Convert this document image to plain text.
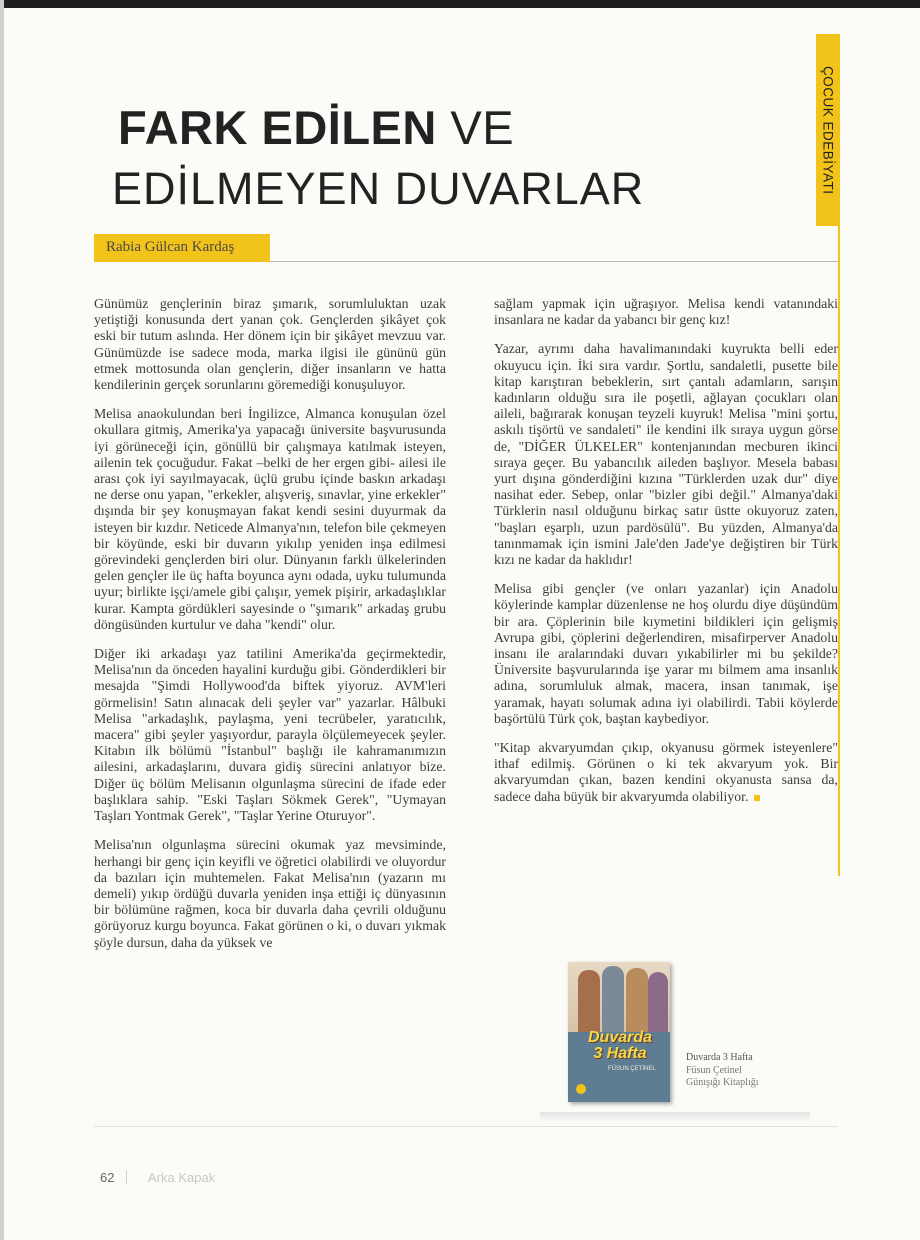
ÇOCUK EDEBİYATI
FARK EDİLEN VE
EDİLMEYEN DUVARLAR
Rabia Gülcan Kardaş

Günümüz gençlerinin biraz şımarık, sorumluluktan uzak yetiştiği konusunda dert yanan çok. Gençlerden şikâyet çok eski bir tutum aslında. Her dönem için bir şikâyet mevzuu var. Günümüzde ise sadece moda, marka ilgisi ile gününü gün etmek mottosunda olan gençlerin, diğer insanların ve hatta kendilerinin gerçek sorunlarını göremediği konuşuluyor.

Melisa anaokulundan beri İngilizce, Almanca konuşulan özel okullara gitmiş, Amerika'ya yapacağı üniversite başvurusunda iyi görüneceği için, gönüllü bir çalışmaya katılmak isteyen, ailenin tek çocuğudur. Fakat –belki de her ergen gibi- ailesi ile arası çok iyi sayılmayacak, üçlü grubu içinde baskın arkadaşı ne derse onu yapan, "erkekler, alışveriş, sınavlar, yine erkekler" dışında bir şey konuşmayan fakat kendi sesini duyurmak da isteyen bir kızdır. Neticede Almanya'nın, telefon bile çekmeyen bir köyünde, eski bir duvarın yıkılıp yeniden inşa edilmesi görevindeki gençlerden biri olur. Dünyanın farklı ülkelerinden gelen gençler ile üç hafta boyunca aynı odada, uyku tulumunda uyur; birlikte işçi/amele gibi çalışır, yemek pişirir, arkadaşlıklar kurar. Kampta gördükleri sayesinde o "şımarık" arkadaş grubu döngüsünden kurtulur ve daha "kendi" olur.

Diğer iki arkadaşı yaz tatilini Amerika'da geçirmektedir, Melisa'nın da önceden hayalini kurduğu gibi. Gönderdikleri bir mesajda "Şimdi Hollywood'da biftek yiyoruz. AVM'leri görmelisin! Satın alınacak deli şeyler var" yazarlar. Hâlbuki Melisa "arkadaşlık, paylaşma, yeni tecrübeler, yaratıcılık, macera" gibi şeyler yaşıyordur, parayla ölçülemeyecek şeyler. Kitabın ilk bölümü "İstanbul" başlığı ile kahramanımızın ailesini, arkadaşlarını, duvara gidiş sürecini anlatıyor bize. Diğer üç bölüm Melisanın olgunlaşma sürecini de ifade eder başlıklara sahip. "Eski Taşları Sökmek Gerek", "Uymayan Taşları Yontmak Gerek", "Taşlar Yerine Oturuyor".

Melisa'nın olgunlaşma sürecini okumak yaz mevsiminde, herhangi bir genç için keyifli ve öğretici olabilirdi ve oluyordur da bazıları için muhtemelen. Fakat Melisa'nın (yazarın mı demeli) yıkıp ördüğü duvarla yeniden inşa ettiği iç dünyasının bir bölümüne rağmen, koca bir duvarla daha çevrili olduğunu görüyoruz kurgu boyunca. Fakat görünen o ki, o duvarı yıkmak şöyle dursun, daha da yüksek ve

sağlam yapmak için uğraşıyor. Melisa kendi vatanındaki insanlara ne kadar da yabancı bir genç kız!

Yazar, ayrımı daha havalimanındaki kuyrukta belli eder okuyucu için. İki sıra vardır. Şortlu, sandaletli, pusette bile kitap karıştıran bebeklerin, sırt çantalı adamların, sarışın kadınların olduğu sıra ile poşetli, ağlayan çocukları olan aileli, bağırarak konuşan teyzeli kuyruk! Melisa "mini şortu, askılı tişörtü ve sandaleti" ile kendini ilk sıraya uygun görse de, "DİĞER ÜLKELER" kontenjanından mecburen ikinci sıraya geçer. Bu yabancılık aileden başlıyor. Mesela babası yurt dışına gönderdiğini kızına "Türklerden uzak dur" diye nasihat eder. Sebep, onlar "bizler gibi değil." Almanya'daki Türklerin nasıl olduğunu birkaç satır üstte okuyoruz zaten, "başları eşarplı, uzun pardösülü". Bu yüzden, Almanya'da tanınmamak için ismini Jale'den Jade'ye değiştiren bir Türk kızı ne kadar da haklıdır!

Melisa gibi gençler (ve onları yazanlar) için Anadolu köylerinde kamplar düzenlense ne hoş olurdu diye düşündüm bir ara. Çöplerinin bile kıymetini bildikleri için gelişmiş Avrupa gibi, çöplerini değerlendiren, misafirperver Anadolu insanı ile aralarındaki duvarı yıkabilirler mi bu şekilde? Üniversite başvurularında işe yarar mı bilmem ama insanlık adına, sorumluluk almak, macera, insan tanımak, işe yaramak, hayatı solumak adına iyi olabilirdi. Tabii köylerde başörtülü Türk çok, baştan kaybediyor.

"Kitap akvaryumdan çıkıp, okyanusu görmek isteyenlere" ithaf edilmiş. Görünen o ki tek akvaryum yok. Bir akvaryumdan çıkan, bazen kendini okyanusta sansa da, sadece daha büyük bir akvaryumda olabiliyor.

Duvarda
3 Hafta
FÜSUN ÇETİNEL
Duvarda 3 Hafta
Füsun Çetinel
Günışığı Kitaplığı
62	Arka Kapak
